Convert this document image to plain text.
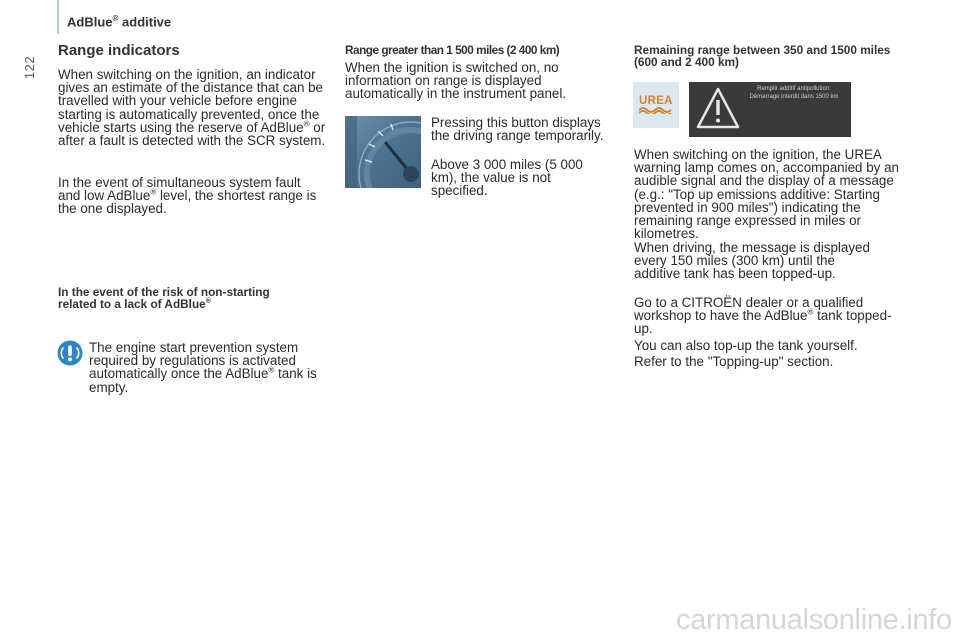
122
AdBlue® additive
Range indicators
When switching on the ignition, an indicator gives an estimate of the distance that can be travelled with your vehicle before engine starting is automatically prevented, once the vehicle starts using the reserve of AdBlue® or after a fault is detected with the SCR system.
In the event of simultaneous system fault and low AdBlue® level, the shortest range is the one displayed.
In the event of the risk of non-starting related to a lack of AdBlue®
The engine start prevention system required by regulations is activated automatically once the AdBlue® tank is empty.
Range greater than 1 500 miles (2 400 km)
When the ignition is switched on, no information on range is displayed automatically in the instrument panel.
Pressing this button displays the driving range temporarily.
Above 3 000 miles (5 000 km), the value is not specified.
Remaining range between 350 and 1500 miles (600 and 2 400 km)
UREA
Remplir additif antipollution: Démarrage interdit dans 1500 km
When switching on the ignition, the UREA warning lamp comes on, accompanied by an audible signal and the display of a message (e.g.: "Top up emissions additive: Starting prevented in 900 miles") indicating the remaining range expressed in miles or kilometres.
When driving, the message is displayed every 150 miles (300 km) until the additive tank has been topped-up.
Go to a CITROËN dealer or a qualified workshop to have the AdBlue® tank topped-up.
You can also top-up the tank yourself.
Refer to the "Topping-up" section.
carmanualsonline.info
